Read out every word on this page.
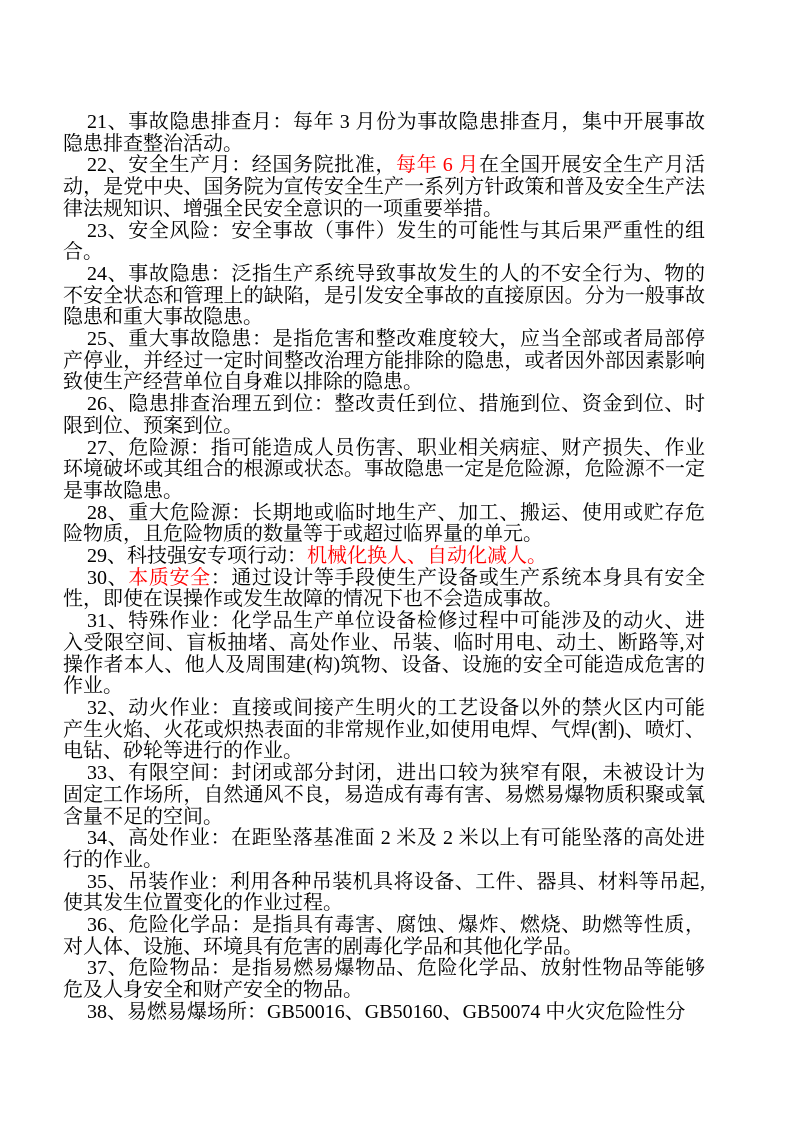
21、事故隐患排查月：每年 3 月份为事故隐患排查月，集中开展事故隐患排查整治活动。

22、安全生产月：经国务院批准，每年 6 月在全国开展安全生产月活动，是党中央、国务院为宣传安全生产一系列方针政策和普及安全生产法律法规知识、增强全民安全意识的一项重要举措。

23、安全风险：安全事故（事件）发生的可能性与其后果严重性的组合。

24、事故隐患：泛指生产系统导致事故发生的人的不安全行为、物的不安全状态和管理上的缺陷，是引发安全事故的直接原因。分为一般事故隐患和重大事故隐患。

25、重大事故隐患：是指危害和整改难度较大，应当全部或者局部停产停业，并经过一定时间整改治理方能排除的隐患，或者因外部因素影响致使生产经营单位自身难以排除的隐患。

26、隐患排查治理五到位：整改责任到位、措施到位、资金到位、时限到位、预案到位。

27、危险源：指可能造成人员伤害、职业相关病症、财产损失、作业环境破坏或其组合的根源或状态。事故隐患一定是危险源，危险源不一定是事故隐患。

28、重大危险源：长期地或临时地生产、加工、搬运、使用或贮存危险物质，且危险物质的数量等于或超过临界量的单元。

29、科技强安专项行动：机械化换人、自动化减人。

30、本质安全：通过设计等手段使生产设备或生产系统本身具有安全性，即使在误操作或发生故障的情况下也不会造成事故。

31、特殊作业：化学品生产单位设备检修过程中可能涉及的动火、进入受限空间、盲板抽堵、高处作业、吊装、临时用电、动土、断路等,对操作者本人、他人及周围建(构)筑物、设备、设施的安全可能造成危害的作业。

32、动火作业：直接或间接产生明火的工艺设备以外的禁火区内可能产生火焰、火花或炽热表面的非常规作业,如使用电焊、气焊(割)、喷灯、电钻、砂轮等进行的作业。

33、有限空间：封闭或部分封闭，进出口较为狭窄有限，未被设计为固定工作场所，自然通风不良，易造成有毒有害、易燃易爆物质积聚或氧含量不足的空间。

34、高处作业：在距坠落基准面 2 米及 2 米以上有可能坠落的高处进行的作业。

35、吊装作业：利用各种吊装机具将设备、工件、器具、材料等吊起,使其发生位置变化的作业过程。

36、危险化学品：是指具有毒害、腐蚀、爆炸、燃烧、助燃等性质，对人体、设施、环境具有危害的剧毒化学品和其他化学品。

37、危险物品：是指易燃易爆物品、危险化学品、放射性物品等能够危及人身安全和财产安全的物品。

38、易燃易爆场所：GB50016、GB50160、GB50074 中火灾危险性分
